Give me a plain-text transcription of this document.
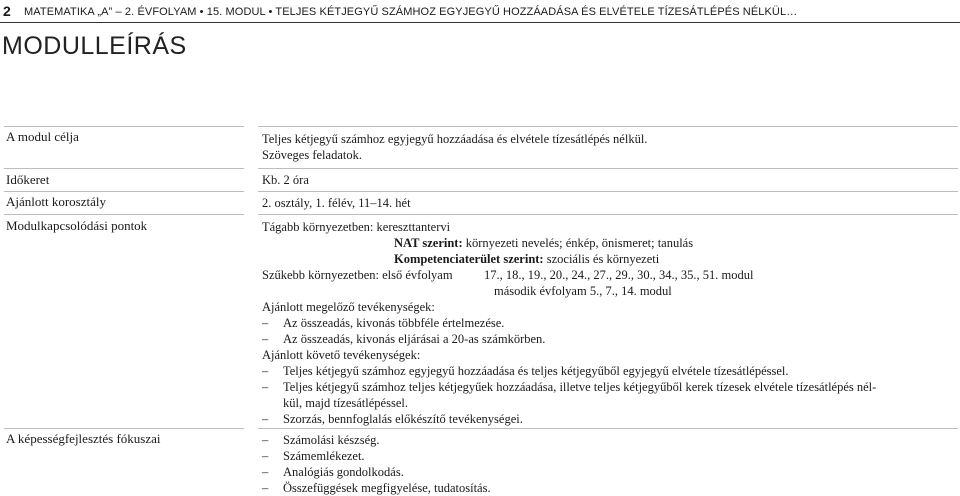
2 MATEMATIKA „A” – 2. ÉVFOLYAM • 15. MODUL • TELJES KÉTJEGYŰ SZÁMHOZ EGYJEGYŰ HOZZÁADÁSA ÉS ELVÉTELE TÍZESÁTLÉPÉS NÉLKÜL…
MODULLEÍRÁS
A modul célja	Teljes kétjegyű számhoz egyjegyű hozzáadása és elvétele tízesátlépés nélkül.
Szöveges feladatok.
Időkeret	Kb. 2 óra
Ajánlott korosztály	2. osztály, 1. félév, 11–14. hét
Modulkapcsolódási pontok	Tágabb környezetben: kereszttantervi
NAT szerint: környezeti nevelés; énkép, önismeret; tanulás
Kompetenciaterület szerint: szociális és környezeti
Szűkebb környezetben: első évfolyam	17., 18., 19., 20., 24., 27., 29., 30., 34., 35., 51. modul
második évfolyam 5., 7., 14. modul
Ajánlott megelőző tevékenységek:
– Az összeadás, kivonás többféle értelmezése.
– Az összeadás, kivonás eljárásai a 20-as számkörben.
Ajánlott követő tevékenységek:
– Teljes kétjegyű számhoz egyjegyű hozzáadása és teljes kétjegyűből egyjegyű elvétele tízesátlépéssel.
– Teljes kétjegyű számhoz teljes kétjegyűek hozzáadása, illetve teljes kétjegyűből kerek tízesek elvétele tízesátlépés nél-
kül, majd tízesátlépéssel.
– Szorzás, bennfoglalás előkészítő tevékenységei.
A képességfejlesztés fókuszai	– Számolási készség.
– Számemlékezet.
– Analógiás gondolkodás.
– Összefüggések megfigyelése, tudatosítás.
